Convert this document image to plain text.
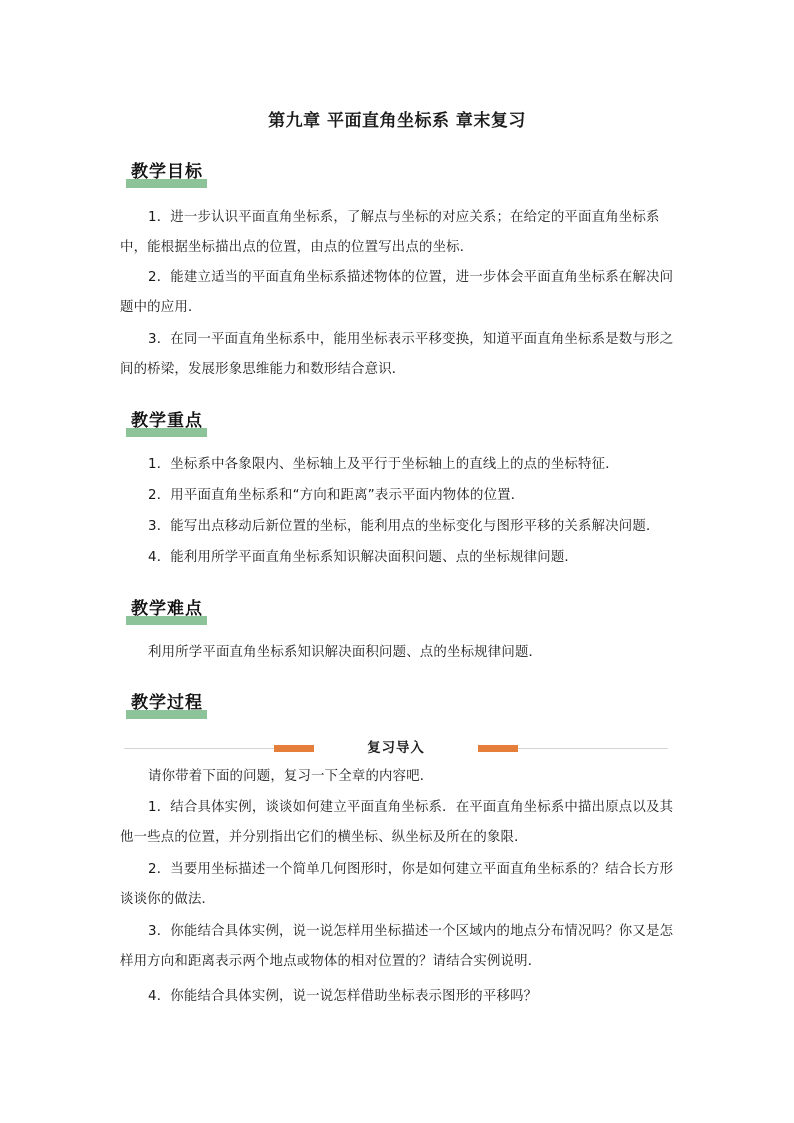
第九章 平面直角坐标系 章末复习
教学目标

1．进一步认识平面直角坐标系，了解点与坐标的对应关系；在给定的平面直角坐标系中，能根据坐标描出点的位置，由点的位置写出点的坐标．

2．能建立适当的平面直角坐标系描述物体的位置，进一步体会平面直角坐标系在解决问题中的应用．

3．在同一平面直角坐标系中，能用坐标表示平移变换，知道平面直角坐标系是数与形之间的桥梁，发展形象思维能力和数形结合意识．

教学重点

1．坐标系中各象限内、坐标轴上及平行于坐标轴上的直线上的点的坐标特征．

2．用平面直角坐标系和“方向和距离”表示平面内物体的位置．

3．能写出点移动后新位置的坐标，能利用点的坐标变化与图形平移的关系解决问题．

4．能利用所学平面直角坐标系知识解决面积问题、点的坐标规律问题．

教学难点

利用所学平面直角坐标系知识解决面积问题、点的坐标规律问题．

教学过程
复习导入

请你带着下面的问题，复习一下全章的内容吧．

1．结合具体实例，谈谈如何建立平面直角坐标系．在平面直角坐标系中描出原点以及其他一些点的位置，并分别指出它们的横坐标、纵坐标及所在的象限．

2．当要用坐标描述一个简单几何图形时，你是如何建立平面直角坐标系的？结合长方形谈谈你的做法．

3．你能结合具体实例，说一说怎样用坐标描述一个区域内的地点分布情况吗？你又是怎样用方向和距离表示两个地点或物体的相对位置的？请结合实例说明．

4．你能结合具体实例，说一说怎样借助坐标表示图形的平移吗？
